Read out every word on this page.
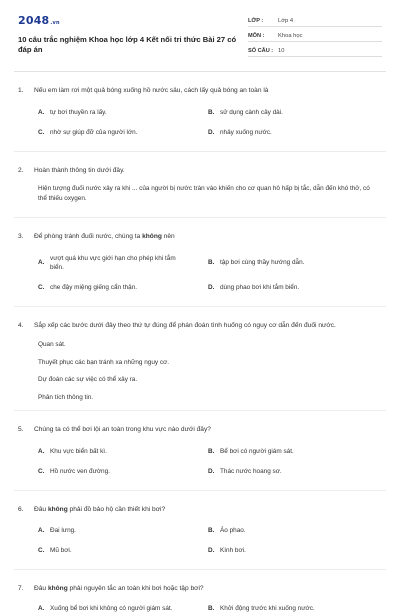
2048.vn
10 câu trắc nghiệm Khoa học lớp 4 Kết nối tri thức Bài 27 có đáp án
LỚP :	Lớp 4
MÔN :	Khoa học
SỐ CÂU : 10
1.	Nếu em làm rơi một quả bóng xuống hồ nước sâu, cách lấy quả bóng an toàn là
A. tự bơi thuyền ra lấy.	B. sử dụng cành cây dài.
C. nhờ sự giúp đỡ của người lớn.	D. nhảy xuống nước.
2.	Hoàn thành thông tin dưới đây.
Hiện tượng đuối nước xảy ra khi ... của người bị nước tràn vào khiến cho cơ quan hô hấp bị tắc, dẫn đến khó thở, có thể thiếu oxygen.
3.	Để phòng tránh đuối nước, chúng ta không nên
A.
vượt quá khu vực giới hạn cho phép khi tắm biển.
B. tập bơi cùng thầy hướng dẫn.
C. che đậy miệng giếng cẩn thận.	D. dùng phao bơi khi tắm biển.
4.	Sắp xếp các bước dưới đây theo thứ tự đúng để phán đoán tình huống có nguy cơ dẫn đến đuối nước.
Quan sát.
Thuyết phục các bạn tránh xa những nguy cơ.
Dự đoán các sự việc có thể xảy ra.
Phân tích thông tin.
5.	Chúng ta có thể bơi lội an toàn trong khu vực nào dưới đây?
A. Khu vực biển bất kì.	B. Bể bơi có người giám sát.
C. Hồ nước ven đường.	D. Thác nước hoang sơ.
6.	Đâu không phải đồ bảo hộ cần thiết khi bơi?
A. Đai lưng.	B. Áo phao.
C. Mũ bơi.	D. Kính bơi.
7.	Đâu không phải nguyên tắc an toàn khi bơi hoặc tập bơi?
A. Xuống bể bơi khi không có người giám sát.	B. Khởi động trước khi xuống nước.
